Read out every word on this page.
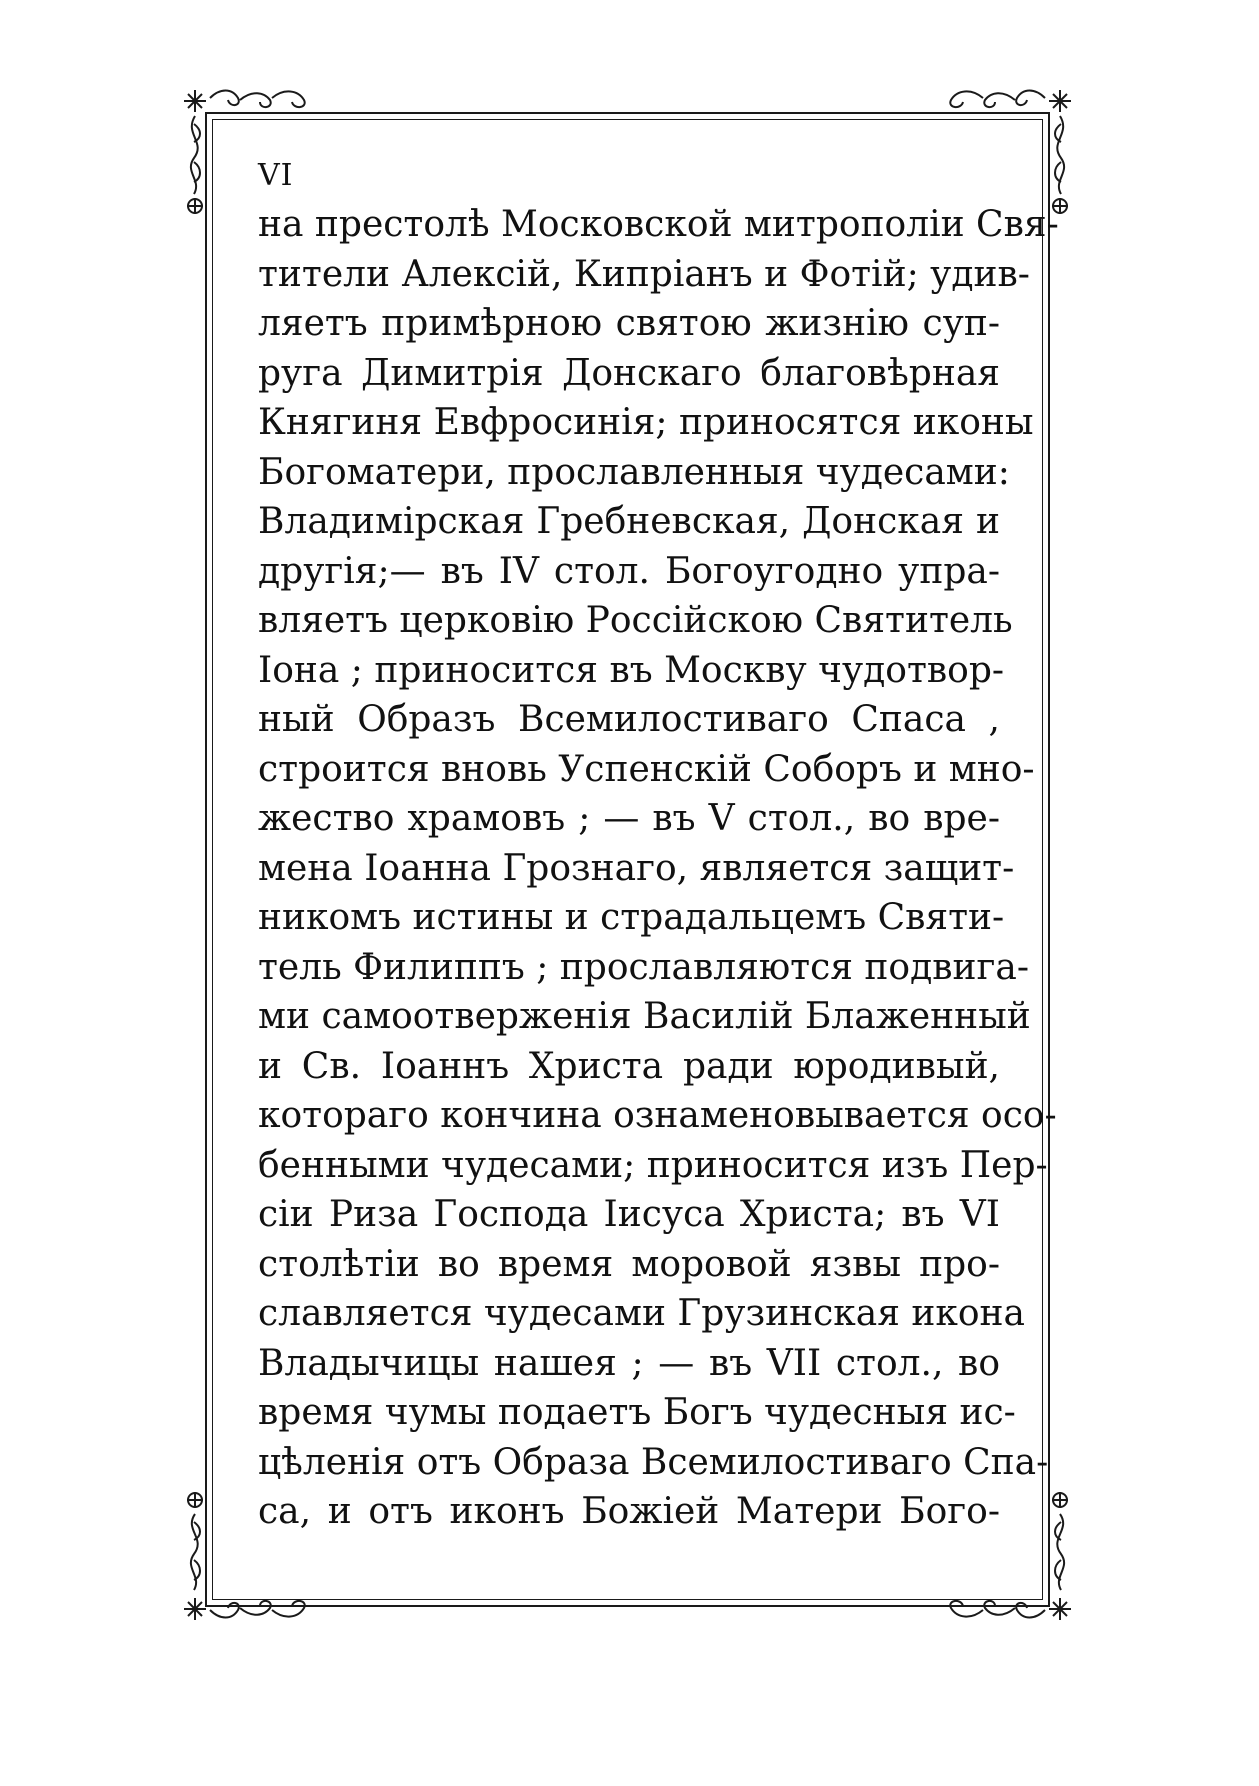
VI
на престолѣ Московской митрополіи Свя-
тители Алексій, Кипріанъ и Фотій; удив-
ляетъ примѣрною святою жизнію суп-
руга Димитрія Донскаго благовѣрная
Княгиня Евфросинія; приносятся иконы
Богоматери, прославленныя чудесами:
Владимірская Гребневская, Донская и
другія;— въ IV стол. Богоугодно упра-
вляетъ церковію Россійскою Святитель
Іона ; приносится въ Москву чудотвор-
ный Образъ Всемилостиваго Спаса ,
строится вновь Успенскій Соборъ и мно-
жество храмовъ ; — въ V стол., во вре-
мена Іоанна Грознаго, является защит-
никомъ истины и страдальцемъ Святи-
тель Филиппъ ; прославляются подвига-
ми самоотверженія Василій Блаженный
и Св. Іоаннъ Христа ради юродивый,
котораго кончина ознаменовывается осо-
бенными чудесами; приносится изъ Пер-
сіи Риза Господа Іисуса Христа; въ VI
столѣтіи во время моровой язвы про-
славляется чудесами Грузинская икона
Владычицы нашея ; — въ VII стол., во
время чумы подаетъ Богъ чудесныя ис-
цѣленія отъ Образа Всемилостиваго Спа-
са, и отъ иконъ Божіей Матери Бого-
